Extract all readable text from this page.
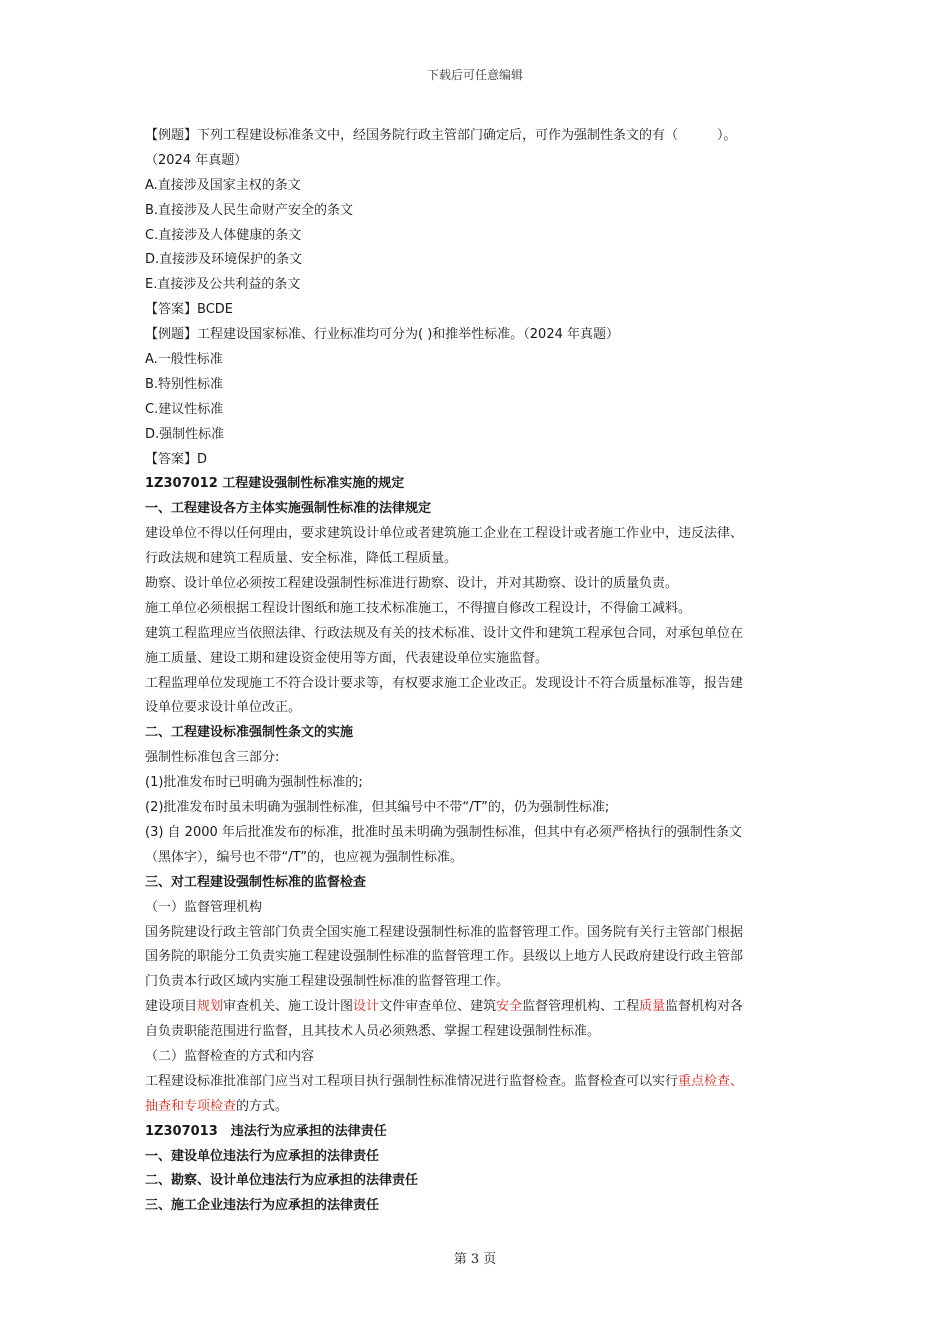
下载后可任意编辑
【例题】下列工程建设标准条文中，经国务院行政主管部门确定后，可作为强制性条文的有（　　　）。
（2024 年真题）
A.直接涉及国家主权的条文
B.直接涉及人民生命财产安全的条文
C.直接涉及人体健康的条文
D.直接涉及环境保护的条文
E.直接涉及公共利益的条文
【答案】BCDE
【例题】工程建设国家标准、行业标准均可分为( )和推举性标准。（2024 年真题）
A.一般性标准
B.特别性标准
C.建议性标准
D.强制性标准
【答案】D
1Z307012 工程建设强制性标准实施的规定
一、工程建设各方主体实施强制性标准的法律规定
建设单位不得以任何理由，要求建筑设计单位或者建筑施工企业在工程设计或者施工作业中，违反法律、
行政法规和建筑工程质量、安全标准，降低工程质量。
勘察、设计单位必须按工程建设强制性标准进行勘察、设计，并对其勘察、设计的质量负责。
施工单位必须根据工程设计图纸和施工技术标准施工，不得擅自修改工程设计，不得偷工减料。
建筑工程监理应当依照法律、行政法规及有关的技术标准、设计文件和建筑工程承包合同，对承包单位在
施工质量、建设工期和建设资金使用等方面，代表建设单位实施监督。
工程监理单位发现施工不符合设计要求等，有权要求施工企业改正。发现设计不符合质量标准等，报告建
设单位要求设计单位改正。
二、工程建设标准强制性条文的实施
强制性标准包含三部分:
(1)批准发布时已明确为强制性标准的;
(2)批准发布时虽未明确为强制性标准，但其编号中不带“/T”的，仍为强制性标准;
(3) 自 2000 年后批准发布的标准，批准时虽未明确为强制性标准，但其中有必须严格执行的强制性条文
（黑体字），编号也不带“/T”的，也应视为强制性标准。
三、对工程建设强制性标准的监督检查
（一）监督管理机构
国务院建设行政主管部门负责全国实施工程建设强制性标准的监督管理工作。国务院有关行主管部门根据
国务院的职能分工负责实施工程建设强制性标准的监督管理工作。县级以上地方人民政府建设行政主管部
门负责本行政区域内实施工程建设强制性标准的监督管理工作。
建设项目规划审查机关、施工设计图设计文件审查单位、建筑安全监督管理机构、工程质量监督机构对各
自负责职能范围进行监督，且其技术人员必须熟悉、掌握工程建设强制性标准。
（二）监督检查的方式和内容
工程建设标准批准部门应当对工程项目执行强制性标准情况进行监督检查。监督检查可以实行重点检查、
抽查和专项检查的方式。
1Z307013　违法行为应承担的法律责任
一、建设单位违法行为应承担的法律责任
二、勘察、设计单位违法行为应承担的法律责任
三、施工企业违法行为应承担的法律责任
第 3 页
